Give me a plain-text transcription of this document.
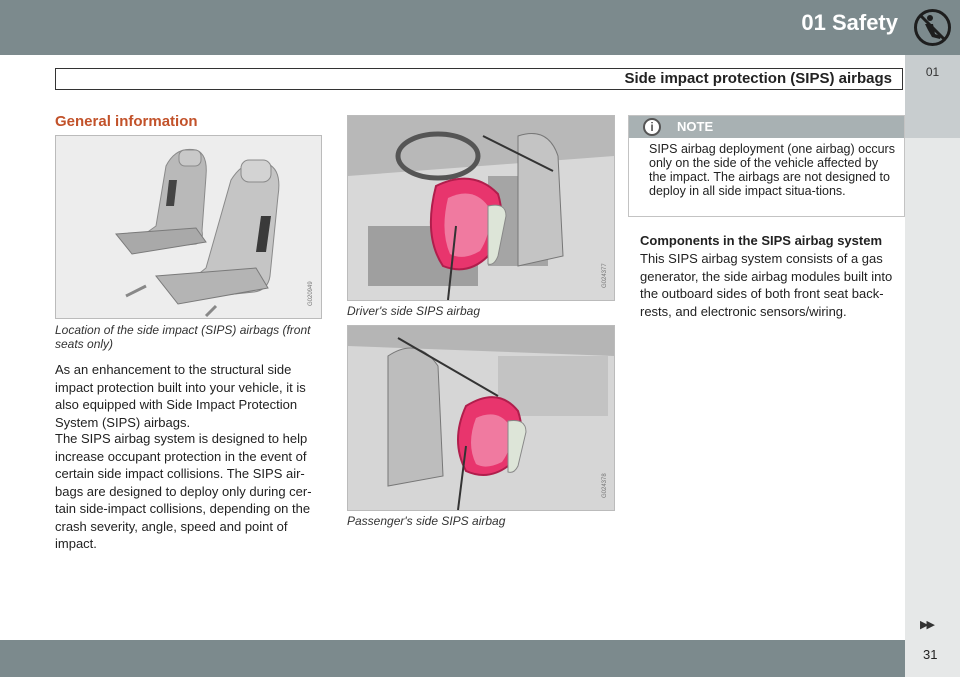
01 Safety
01
Side impact protection (SIPS) airbags
General information
G020949
Location of the side impact (SIPS) airbags (front seats only)
As an enhancement to the structural side impact protection built into your vehicle, it is also equipped with Side Impact Protection System (SIPS) airbags.
The SIPS airbag system is designed to help increase occupant protection in the event of certain side impact collisions. The SIPS air-bags are designed to deploy only during cer-tain side-impact collisions, depending on the crash severity, angle, speed and point of impact.
G024377
Driver's side SIPS airbag
G024378
Passenger's side SIPS airbag
i	NOTE
SIPS airbag deployment (one airbag) occurs only on the side of the vehicle affected by the impact. The airbags are not designed to deploy in all side impact situa-tions.
Components in the SIPS airbag system
This SIPS airbag system consists of a gas generator, the side airbag modules built into the outboard sides of both front seat back-rests, and electronic sensors/wiring.
▶▶
31
